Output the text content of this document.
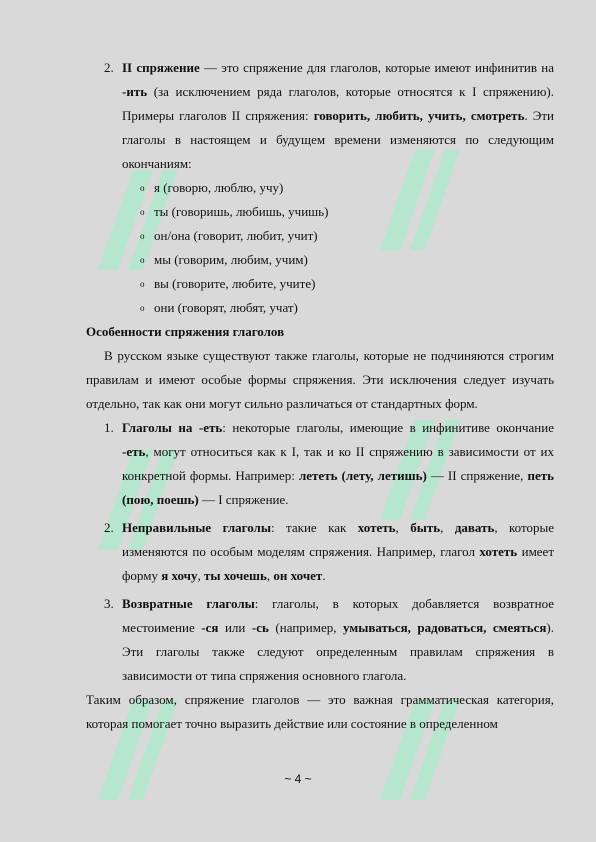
2. II спряжение — это спряжение для глаголов, которые имеют инфинитив на -ить (за исключением ряда глаголов, которые относятся к I спряжению). Примеры глаголов II спряжения: говорить, любить, учить, смотреть. Эти глаголы в настоящем и будущем времени изменяются по следующим окончаниям:
o я (говорю, люблю, учу)
o ты (говоришь, любишь, учишь)
o он/она (говорит, любит, учит)
o мы (говорим, любим, учим)
o вы (говорите, любите, учите)
o они (говорят, любят, учат)
Особенности спряжения глаголов
В русском языке существуют также глаголы, которые не подчиняются строгим правилам и имеют особые формы спряжения. Эти исключения следует изучать отдельно, так как они могут сильно различаться от стандартных форм.
1. Глаголы на -еть: некоторые глаголы, имеющие в инфинитиве окончание -еть, могут относиться как к I, так и ко II спряжению в зависимости от их конкретной формы. Например: лететь (лету, летишь) — II спряжение, петь (пою, поешь) — I спряжение.
2. Неправильные глаголы: такие как хотеть, быть, давать, которые изменяются по особым моделям спряжения. Например, глагол хотеть имеет форму я хочу, ты хочешь, он хочет.
3. Возвратные глаголы: глаголы, в которых добавляется возвратное местоимение -ся или -сь (например, умываться, радоваться, смеяться). Эти глаголы также следуют определенным правилам спряжения в зависимости от типа спряжения основного глагола.
Таким образом, спряжение глаголов — это важная грамматическая категория, которая помогает точно выразить действие или состояние в определенном
~ 4 ~
